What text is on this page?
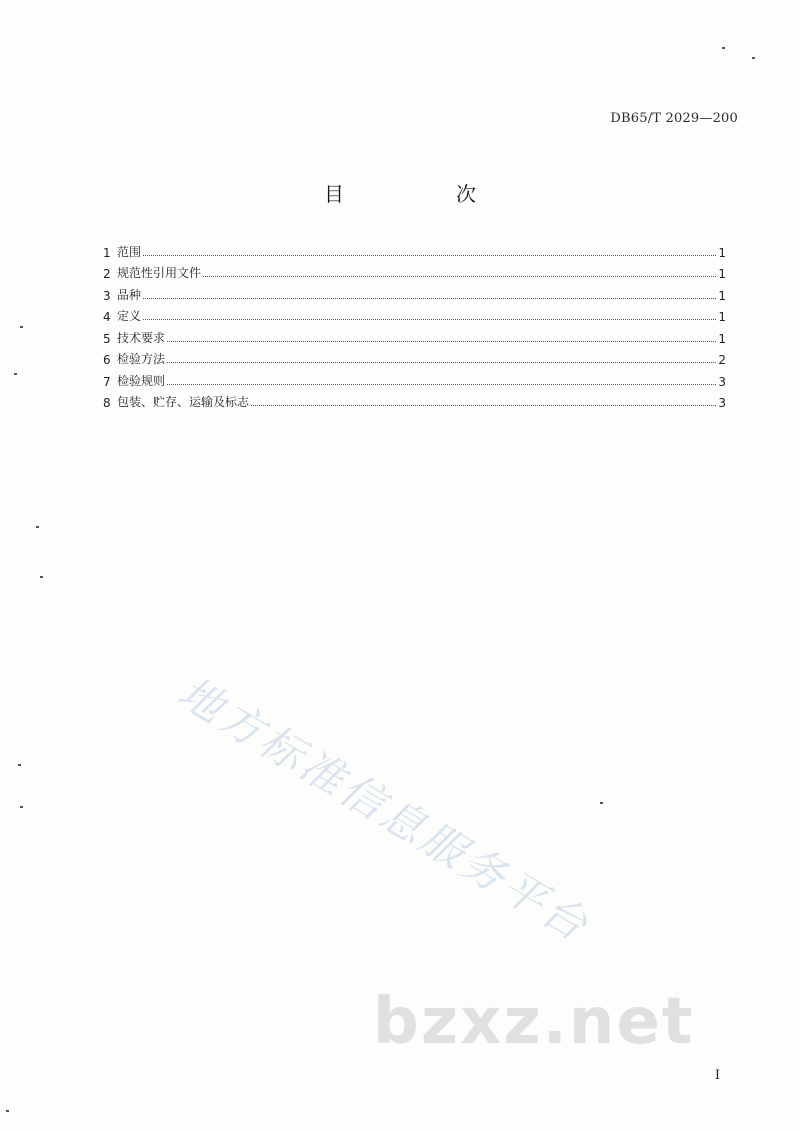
DB65/T 2029—200
目　次
1 范围	1
2 规范性引用文件	1
3 品种	1
4 定义	1
5 技术要求	1
6 检验方法	2
7 检验规则	3
8 包装、贮存、运输及标志	3
地方标准信息服务平台
bzxz.net
I
